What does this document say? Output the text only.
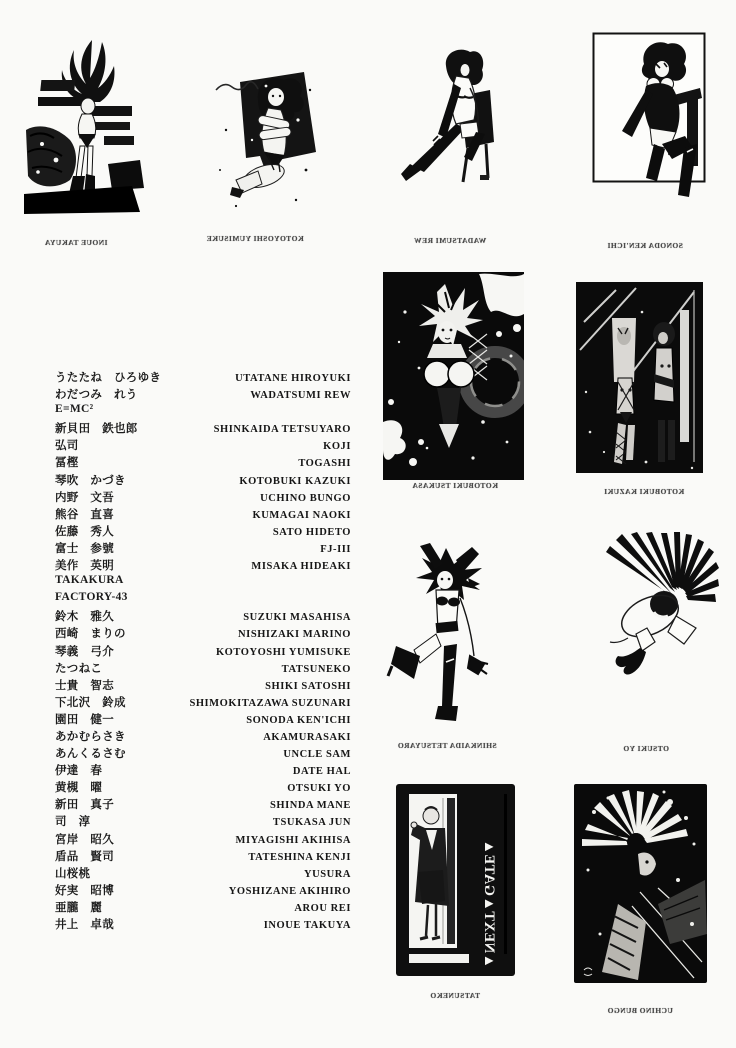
▲NEXT▲GATE▲
INOUE TAKUYA	KOTOYOSHI YUMISUKE	WADATSUMI REW
SONODA KEN'ICHI
KOTOBUKI TSUKASA
KOTOBUKI KAZUKI
SHINKAIDA TETSUYARO	OTSUKI YO
TATSUNEKO
UCHINO BUNGO
うたたね　ひろゆき	UTATANE HIROYUKI
わだつみ　れう	WADATSUMI REW
E=MC²
新貝田　鉄也郎	SHINKAIDA TETSUYARO
弘司	KOJI
冨樫	TOGASHI
琴吹　かづき	KOTOBUKI KAZUKI
内野　文吾	UCHINO BUNGO
熊谷　直喜	KUMAGAI NAOKI
佐藤　秀人	SATO HIDETO
富士　参號	FJ-III
美作　英明	MISAKA HIDEAKI
TAKAKURA
FACTORY-43
鈴木　雅久	SUZUKI MASAHISA
西崎　まりの	NISHIZAKI MARINO
琴義　弓介	KOTOYOSHI YUMISUKE
たつねこ	TATSUNEKO
士貴　智志	SHIKI SATOSHI
下北沢　鈴成	SHIMOKITAZAWA SUZUNARI
園田　健一	SONODA KEN'ICHI
あかむらさき	AKAMURASAKI
あんくるさむ	UNCLE SAM
伊達　春	DATE HAL
黄槻　曜	OTSUKI YO
新田　真子	SHINDA MANE
司　淳	TSUKASA JUN
宮岸　昭久	MIYAGISHI AKIHISA
盾品　賢司	TATESHINA KENJI
山桜桃	YUSURA
好実　昭博	YOSHIZANE AKIHIRO
亜朧　麗	AROU REI
井上　卓哉	INOUE TAKUYA
